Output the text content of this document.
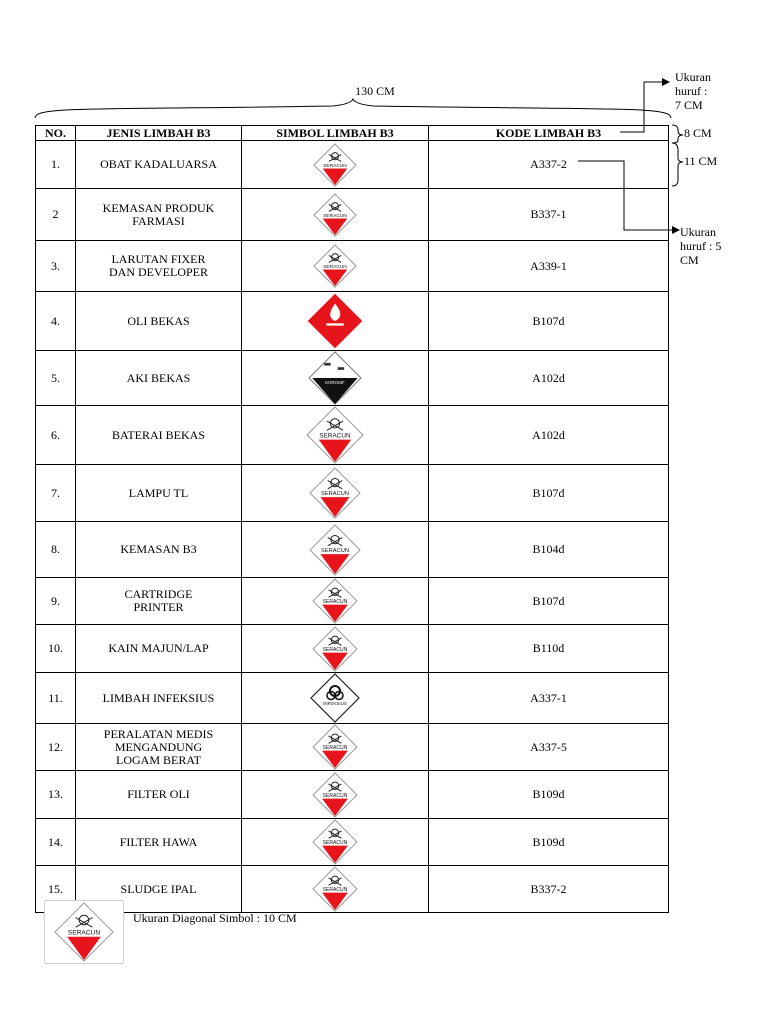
130 CM
Ukuran
huruf :
7 CM
8 CM
11 CM
Ukuran
huruf : 5
CM
NO.	JENIS LIMBAH B3	SIMBOL LIMBAH B3	KODE LIMBAH B3
1.	OBAT KADALUARSA	SERACUN	A337-2
2	KEMASAN PRODUK
FARMASI	SERACUN	B337-1
3.	LARUTAN FIXER
DAN DEVELOPER	SERACUN	A339-1
4.	OLI BEKAS		B107d
5.	AKI BEKAS	KOROSIF	A102d
6.	BATERAI BEKAS	SERACUN	A102d
7.	LAMPU TL	SERACUN	B107d
8.	KEMASAN B3	SERACUN	B104d
9.	CARTRIDGE
PRINTER	SERACUN	B107d
10.	KAIN MAJUN/LAP	SERACUN	B110d
11.	LIMBAH INFEKSIUS	INFEKSIUS	A337-1
12.	PERALATAN MEDIS
MENGANDUNG
LOGAM BERAT	SERACUN	A337-5
13.	FILTER OLI	SERACUN	B109d
14.	FILTER HAWA	SERACUN	B109d
15.	SLUDGE IPAL	SERACUN	B337-2
SERACUN
Ukuran Diagonal Simbol : 10 CM
